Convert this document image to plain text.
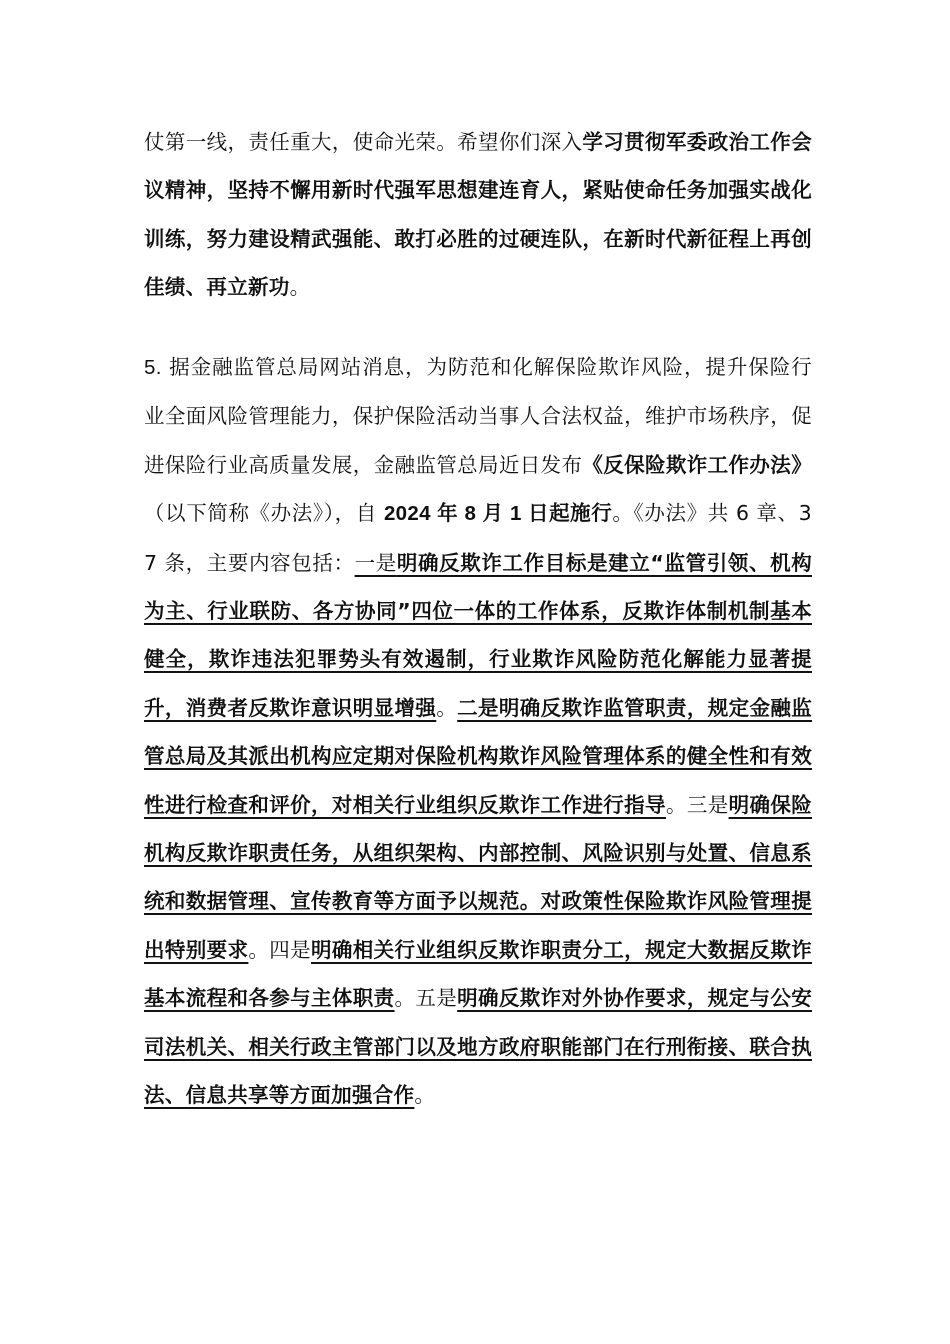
仗第一线，责任重大，使命光荣。希望你们深入学习贯彻军委政治工作会议精神，坚持不懈用新时代强军思想建连育人，紧贴使命任务加强实战化训练，努力建设精武强能、敢打必胜的过硬连队，在新时代新征程上再创佳绩、再立新功。

5. 据金融监管总局网站消息，为防范和化解保险欺诈风险，提升保险行业全面风险管理能力，保护保险活动当事人合法权益，维护市场秩序，促进保险行业高质量发展，金融监管总局近日发布《反保险欺诈工作办法》（以下简称《办法》），自 2024 年 8 月 1 日起施行。《办法》共 6 章、37 条，主要内容包括：一是明确反欺诈工作目标是建立“监管引领、机构为主、行业联防、各方协同”四位一体的工作体系，反欺诈体制机制基本健全，欺诈违法犯罪势头有效遏制，行业欺诈风险防范化解能力显著提升，消费者反欺诈意识明显增强。二是明确反欺诈监管职责，规定金融监管总局及其派出机构应定期对保险机构欺诈风险管理体系的健全性和有效性进行检查和评价，对相关行业组织反欺诈工作进行指导。三是明确保险机构反欺诈职责任务，从组织架构、内部控制、风险识别与处置、信息系统和数据管理、宣传教育等方面予以规范。对政策性保险欺诈风险管理提出特别要求。四是明确相关行业组织反欺诈职责分工，规定大数据反欺诈基本流程和各参与主体职责。五是明确反欺诈对外协作要求，规定与公安司法机关、相关行政主管部门以及地方政府职能部门在行刑衔接、联合执法、信息共享等方面加强合作。
